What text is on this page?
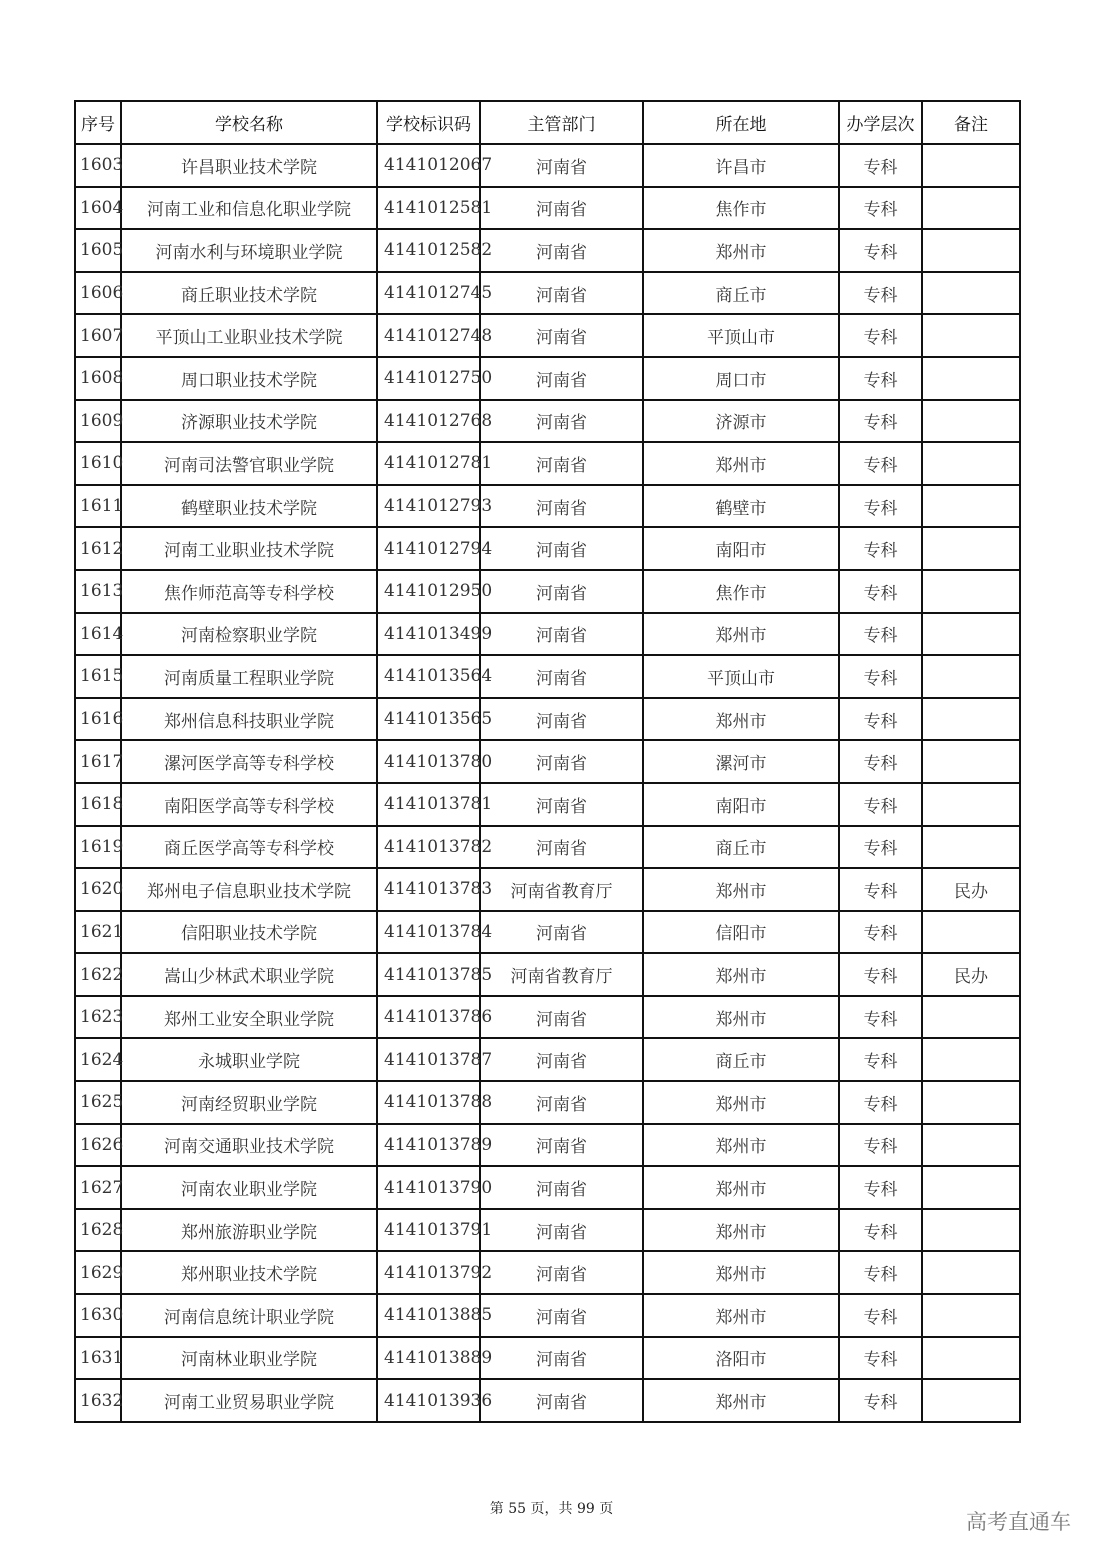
序号	学校名称	学校标识码	主管部门	所在地	办学层次	备注
1603	许昌职业技术学院	4141012067	河南省	许昌市	专科	
1604	河南工业和信息化职业学院	4141012581	河南省	焦作市	专科	
1605	河南水利与环境职业学院	4141012582	河南省	郑州市	专科	
1606	商丘职业技术学院	4141012745	河南省	商丘市	专科	
1607	平顶山工业职业技术学院	4141012748	河南省	平顶山市	专科	
1608	周口职业技术学院	4141012750	河南省	周口市	专科	
1609	济源职业技术学院	4141012768	河南省	济源市	专科	
1610	河南司法警官职业学院	4141012781	河南省	郑州市	专科	
1611	鹤壁职业技术学院	4141012793	河南省	鹤壁市	专科	
1612	河南工业职业技术学院	4141012794	河南省	南阳市	专科	
1613	焦作师范高等专科学校	4141012950	河南省	焦作市	专科	
1614	河南检察职业学院	4141013499	河南省	郑州市	专科	
1615	河南质量工程职业学院	4141013564	河南省	平顶山市	专科	
1616	郑州信息科技职业学院	4141013565	河南省	郑州市	专科	
1617	漯河医学高等专科学校	4141013780	河南省	漯河市	专科	
1618	南阳医学高等专科学校	4141013781	河南省	南阳市	专科	
1619	商丘医学高等专科学校	4141013782	河南省	商丘市	专科	
1620	郑州电子信息职业技术学院	4141013783	河南省教育厅	郑州市	专科	民办
1621	信阳职业技术学院	4141013784	河南省	信阳市	专科	
1622	嵩山少林武术职业学院	4141013785	河南省教育厅	郑州市	专科	民办
1623	郑州工业安全职业学院	4141013786	河南省	郑州市	专科	
1624	永城职业学院	4141013787	河南省	商丘市	专科	
1625	河南经贸职业学院	4141013788	河南省	郑州市	专科	
1626	河南交通职业技术学院	4141013789	河南省	郑州市	专科	
1627	河南农业职业学院	4141013790	河南省	郑州市	专科	
1628	郑州旅游职业学院	4141013791	河南省	郑州市	专科	
1629	郑州职业技术学院	4141013792	河南省	郑州市	专科	
1630	河南信息统计职业学院	4141013885	河南省	郑州市	专科	
1631	河南林业职业学院	4141013889	河南省	洛阳市	专科	
1632	河南工业贸易职业学院	4141013936	河南省	郑州市	专科	
第 55 页，共 99 页
高考直通车
